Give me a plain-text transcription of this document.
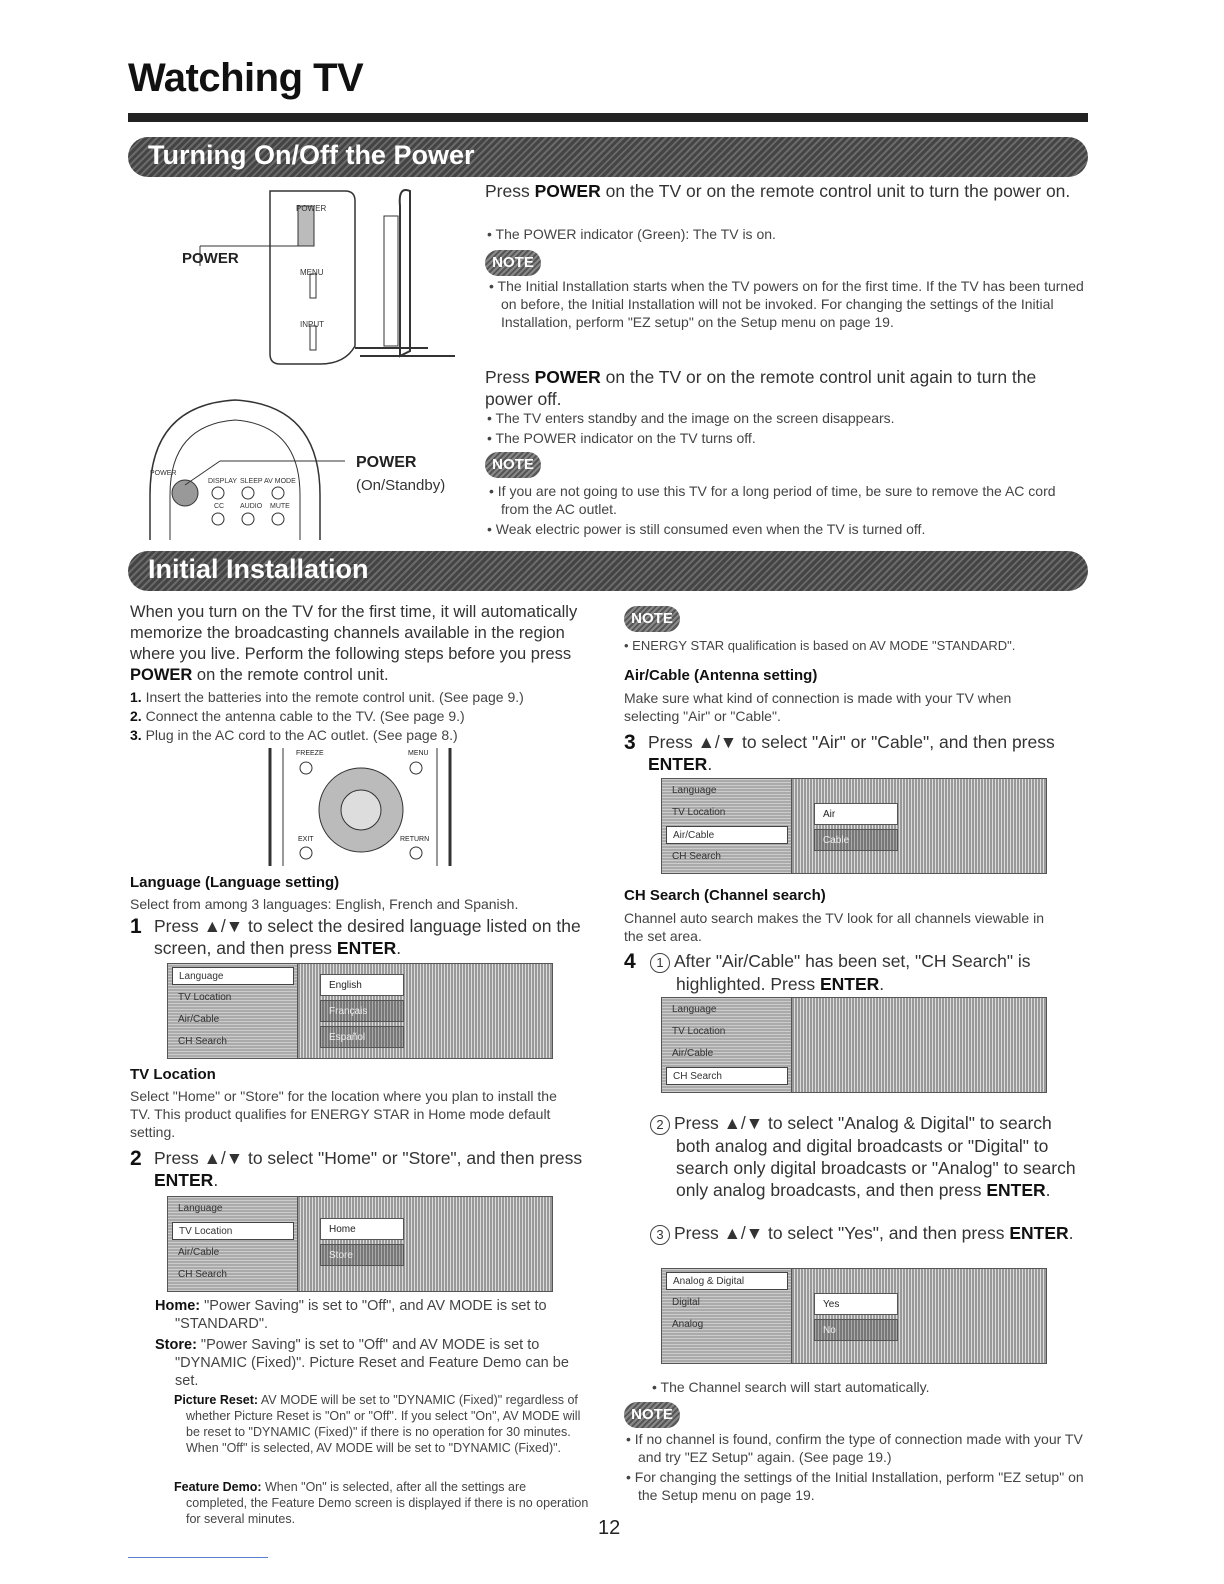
Watching TV
Turning On/Off the Power
POWER
MENU
INPUT
POWER
POWER
DISPLAY SLEEP AV MODE
CC AUDIO MUTE
POWER
(On/Standby)
Press POWER on the TV or on the remote control unit to turn the power on.
• The POWER indicator (Green): The TV is on.
NOTE
• The Initial Installation starts when the TV powers on for the first time. If the TV has been turned on before, the Initial Installation will not be invoked. For changing the settings of the Initial Installation, perform "EZ setup" on the Setup menu on page 19.
Press POWER on the TV or on the remote control unit again to turn the power off.
• The TV enters standby and the image on the screen disappears.
• The POWER indicator on the TV turns off.
NOTE
• If you are not going to use this TV for a long period of time, be sure to remove the AC cord from the AC outlet.
• Weak electric power is still consumed even when the TV is turned off.
Initial Installation
When you turn on the TV for the first time, it will automatically memorize the broadcasting channels available in the region where you live. Perform the following steps before you press POWER on the remote control unit.
1. Insert the batteries into the remote control unit. (See page 9.)
2. Connect the antenna cable to the TV. (See page 9.)
3. Plug in the AC cord to the AC outlet. (See page 8.)
FREEZE	MENU
EXIT	RETURN
Language (Language setting)
Select from among 3 languages: English, French and Spanish.
1 Press ▲/▼ to select the desired language listed on the screen, and then press ENTER.
Language
TV Location
Air/Cable
CH Search
English
Français
Español
TV Location
Select "Home" or "Store" for the location where you plan to install the TV. This product qualifies for ENERGY STAR in Home mode default setting.
2 Press ▲/▼ to select "Home" or "Store", and then press ENTER.
Language
TV Location
Air/Cable
CH Search
Home
Store
Home: "Power Saving" is set to "Off", and AV MODE is set to "STANDARD".
Store: "Power Saving" is set to "Off" and AV MODE is set to "DYNAMIC (Fixed)". Picture Reset and Feature Demo can be set.
Picture Reset: AV MODE will be set to "DYNAMIC (Fixed)" regardless of whether Picture Reset is "On" or "Off". If you select "On", AV MODE will be reset to "DYNAMIC (Fixed)" if there is no operation for 30 minutes. When "Off" is selected, AV MODE will be set to "DYNAMIC (Fixed)".
Feature Demo: When "On" is selected, after all the settings are completed, the Feature Demo screen is displayed if there is no operation for several minutes.
NOTE
• ENERGY STAR qualification is based on AV MODE "STANDARD".
Air/Cable (Antenna setting)
Make sure what kind of connection is made with your TV when selecting "Air" or "Cable".
3 Press ▲/▼ to select "Air" or "Cable", and then press ENTER.
Language
TV Location
Air/Cable
CH Search
Air
Cable
CH Search (Channel search)
Channel auto search makes the TV look for all channels viewable in the set area.
4	1 After "Air/Cable" has been set, "CH Search" is highlighted. Press ENTER.
Language
TV Location
Air/Cable
CH Search
2 Press ▲/▼ to select "Analog & Digital" to search both analog and digital broadcasts or "Digital" to search only digital broadcasts or "Analog" to search only analog broadcasts, and then press ENTER.
3 Press ▲/▼ to select "Yes", and then press ENTER.
Analog & Digital
Digital
Analog
Yes
No
• The Channel search will start automatically.
NOTE
• If no channel is found, confirm the type of connection made with your TV and try "EZ Setup" again. (See page 19.)
• For changing the settings of the Initial Installation, perform "EZ setup" on the Setup menu on page 19.
12
